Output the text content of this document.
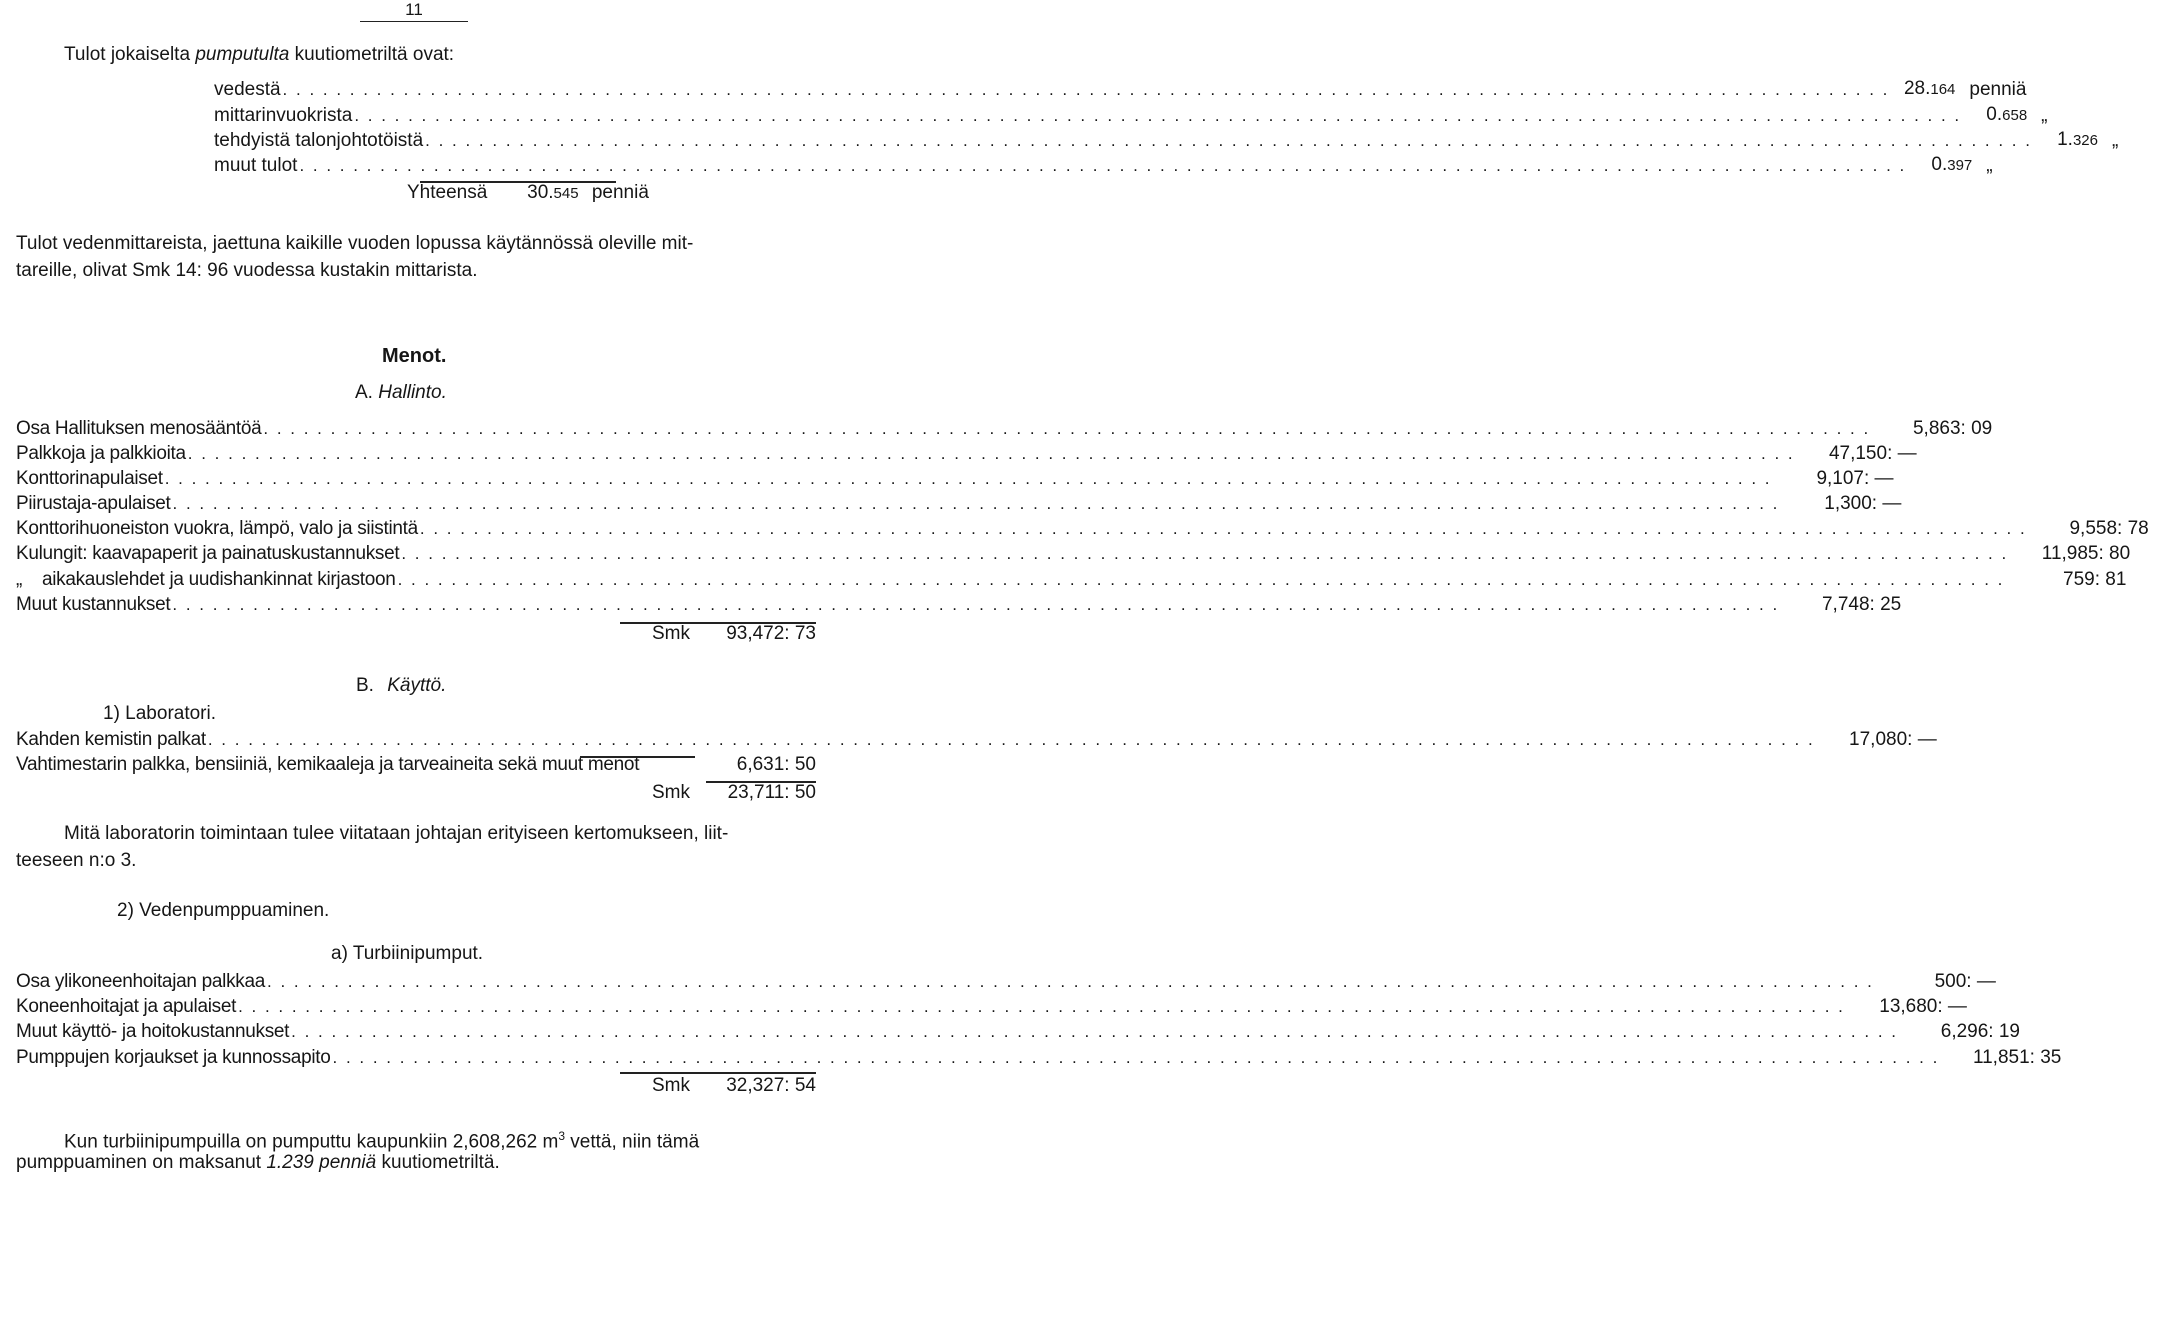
11
Tulot jokaiselta pumputulta kuutiometriltä ovat:
vedestä . . . . . . . . . . . . . . . . . . . . . . . . . . . . . . . . . . . . . . . . . . . . . . . . . . . . . . . . . . . . . . . . . . . . . . . . . . . . . . . . . . . . . . . . . . . . . . . . . . . . . . . . . . . . . . . . . . . . . . . . 28.164 penniä
mittarinvuokrista . . . . . . . . . . . . . . . . . . . . . . . . . . . . . . . . . . . . . . . . . . . . . . . . . . . . . . . . . . . . . . . . . . . . . . . . . . . . . . . . . . . . . . . . . . . . . . . . . . . . . . . . . . . . . . . . . . . . . . . .	0.658 „
tehdyistä talonjohtotöistä . . . . . . . . . . . . . . . . . . . . . . . . . . . . . . . . . . . . . . . . . . . . . . . . . . . . . . . . . . . . . . . . . . . . . . . . . . . . . . . . . . . . . . . . . . . . . . . . . . . . . . . . . . . . . . . . . . . . . . . .	1.326 „
muut tulot . . . . . . . . . . . . . . . . . . . . . . . . . . . . . . . . . . . . . . . . . . . . . . . . . . . . . . . . . . . . . . . . . . . . . . . . . . . . . . . . . . . . . . . . . . . . . . . . . . . . . . . . . . . . . . . . . . . . . . . .	0.397 „
Yhteensä 30.545 penniä
Tulot vedenmittareista, jaettuna kaikille vuoden lopussa käytännössä oleville mit-
tareille, olivat Smk 14: 96 vuodessa kustakin mittarista.
Menot.
A. Hallinto.
Osa Hallituksen menosääntöä . . . . . . . . . . . . . . . . . . . . . . . . . . . . . . . . . . . . . . . . . . . . . . . . . . . . . . . . . . . . . . . . . . . . . . . . . . . . . . . . . . . . . . . . . . . . . . . . . . . . . . . . . . . . . . . . . . . . . . . .	5,863: 09
Palkkoja ja palkkioita . . . . . . . . . . . . . . . . . . . . . . . . . . . . . . . . . . . . . . . . . . . . . . . . . . . . . . . . . . . . . . . . . . . . . . . . . . . . . . . . . . . . . . . . . . . . . . . . . . . . . . . . . . . . . . . . . . . . . . . .	47,150: —
Konttorinapulaiset . . . . . . . . . . . . . . . . . . . . . . . . . . . . . . . . . . . . . . . . . . . . . . . . . . . . . . . . . . . . . . . . . . . . . . . . . . . . . . . . . . . . . . . . . . . . . . . . . . . . . . . . . . . . . . . . . . . . . . . .	9,107: —
Piirustaja-apulaiset . . . . . . . . . . . . . . . . . . . . . . . . . . . . . . . . . . . . . . . . . . . . . . . . . . . . . . . . . . . . . . . . . . . . . . . . . . . . . . . . . . . . . . . . . . . . . . . . . . . . . . . . . . . . . . . . . . . . . . . .	1,300: —
Konttorihuoneiston vuokra, lämpö, valo ja siistintä . . . . . . . . . . . . . . . . . . . . . . . . . . . . . . . . . . . . . . . . . . . . . . . . . . . . . . . . . . . . . . . . . . . . . . . . . . . . . . . . . . . . . . . . . . . . . . . . . . . . . . . . . . . . . . . . . . . . . . . .	9,558: 78
Kulungit: kaavapaperit ja painatuskustannukset . . . . . . . . . . . . . . . . . . . . . . . . . . . . . . . . . . . . . . . . . . . . . . . . . . . . . . . . . . . . . . . . . . . . . . . . . . . . . . . . . . . . . . . . . . . . . . . . . . . . . . . . . . . . . . . . . . . . . . . .	11,985: 80
„    aikakauslehdet ja uudishankinnat kirjastoon . . . . . . . . . . . . . . . . . . . . . . . . . . . . . . . . . . . . . . . . . . . . . . . . . . . . . . . . . . . . . . . . . . . . . . . . . . . . . . . . . . . . . . . . . . . . . . . . . . . . . . . . . . . . . . . . . . . . . . . .	759: 81
Muut kustannukset . . . . . . . . . . . . . . . . . . . . . . . . . . . . . . . . . . . . . . . . . . . . . . . . . . . . . . . . . . . . . . . . . . . . . . . . . . . . . . . . . . . . . . . . . . . . . . . . . . . . . . . . . . . . . . . . . . . . . . . .	7,748: 25
Smk	93,472: 73
B. Käyttö.
1) Laboratori.
Kahden kemistin palkat . . . . . . . . . . . . . . . . . . . . . . . . . . . . . . . . . . . . . . . . . . . . . . . . . . . . . . . . . . . . . . . . . . . . . . . . . . . . . . . . . . . . . . . . . . . . . . . . . . . . . . . . . . . . . . . . . . . . . . . .	17,080: —
Vahtimestarin palkka, bensiiniä, kemikaaleja ja tarveaineita sekä muut menot	6,631: 50
Smk	23,711: 50
Mitä laboratorin toimintaan tulee viitataan johtajan erityiseen kertomukseen, liit-
teeseen n:o 3.
2) Vedenpumppuaminen.
a) Turbiinipumput.
Osa ylikoneenhoitajan palkkaa . . . . . . . . . . . . . . . . . . . . . . . . . . . . . . . . . . . . . . . . . . . . . . . . . . . . . . . . . . . . . . . . . . . . . . . . . . . . . . . . . . . . . . . . . . . . . . . . . . . . . . . . . . . . . . . . . . . . . . . .	500: —
Koneenhoitajat ja apulaiset . . . . . . . . . . . . . . . . . . . . . . . . . . . . . . . . . . . . . . . . . . . . . . . . . . . . . . . . . . . . . . . . . . . . . . . . . . . . . . . . . . . . . . . . . . . . . . . . . . . . . . . . . . . . . . . . . . . . . . . .	13,680: —
Muut käyttö- ja hoitokustannukset . . . . . . . . . . . . . . . . . . . . . . . . . . . . . . . . . . . . . . . . . . . . . . . . . . . . . . . . . . . . . . . . . . . . . . . . . . . . . . . . . . . . . . . . . . . . . . . . . . . . . . . . . . . . . . . . . . . . . . . .	6,296: 19
Pumppujen korjaukset ja kunnossapito . . . . . . . . . . . . . . . . . . . . . . . . . . . . . . . . . . . . . . . . . . . . . . . . . . . . . . . . . . . . . . . . . . . . . . . . . . . . . . . . . . . . . . . . . . . . . . . . . . . . . . . . . . . . . . . . . . . . . . . .	11,851: 35
Smk	32,327: 54
Kun turbiinipumpuilla on pumputtu kaupunkiin 2,608,262 $m^3$ vettä, niin tämä
pumppuaminen on maksanut 1.239 penniä kuutiometriltä.
